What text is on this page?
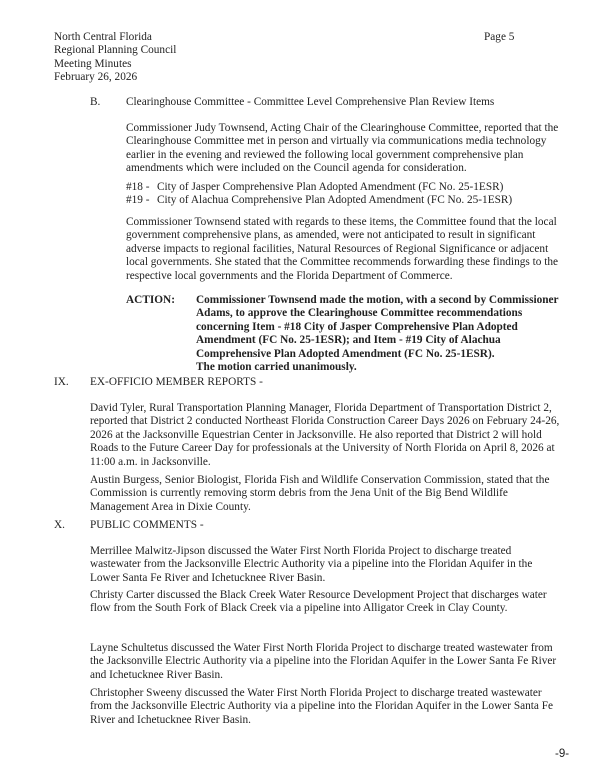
North Central Florida
Regional Planning Council
Meeting Minutes
February 26, 2026
Page 5
B. Clearinghouse Committee - Committee Level Comprehensive Plan Review Items

Commissioner Judy Townsend, Acting Chair of the Clearinghouse Committee, reported that the Clearinghouse Committee met in person and virtually via communications media technology earlier in the evening and reviewed the following local government comprehensive plan amendments which were included on the Council agenda for consideration.

#18 - City of Jasper Comprehensive Plan Adopted Amendment (FC No. 25-1ESR)
#19 - City of Alachua Comprehensive Plan Adopted Amendment (FC No. 25-1ESR)

Commissioner Townsend stated with regards to these items, the Committee found that the local government comprehensive plans, as amended, were not anticipated to result in significant adverse impacts to regional facilities, Natural Resources of Regional Significance or adjacent local governments. She stated that the Committee recommends forwarding these findings to the respective local governments and the Florida Department of Commerce.

ACTION: Commissioner Townsend made the motion, with a second by Commissioner Adams, to approve the Clearinghouse Committee recommendations concerning Item - #18 City of Jasper Comprehensive Plan Adopted Amendment (FC No. 25-1ESR); and Item - #19 City of Alachua Comprehensive Plan Adopted Amendment (FC No. 25-1ESR).

The motion carried unanimously.

IX. EX-OFFICIO MEMBER REPORTS -

David Tyler, Rural Transportation Planning Manager, Florida Department of Transportation District 2, reported that District 2 conducted Northeast Florida Construction Career Days 2026 on February 24-26, 2026 at the Jacksonville Equestrian Center in Jacksonville. He also reported that District 2 will hold Roads to the Future Career Day for professionals at the University of North Florida on April 8, 2026 at 11:00 a.m. in Jacksonville.

Austin Burgess, Senior Biologist, Florida Fish and Wildlife Conservation Commission, stated that the Commission is currently removing storm debris from the Jena Unit of the Big Bend Wildlife Management Area in Dixie County.

X. PUBLIC COMMENTS -

Merrillee Malwitz-Jipson discussed the Water First North Florida Project to discharge treated wastewater from the Jacksonville Electric Authority via a pipeline into the Floridan Aquifer in the Lower Santa Fe River and Ichetucknee River Basin.

Christy Carter discussed the Black Creek Water Resource Development Project that discharges water flow from the South Fork of Black Creek via a pipeline into Alligator Creek in Clay County.

Layne Schultetus discussed the Water First North Florida Project to discharge treated wastewater from the Jacksonville Electric Authority via a pipeline into the Floridan Aquifer in the Lower Santa Fe River and Ichetucknee River Basin.

Christopher Sweeny discussed the Water First North Florida Project to discharge treated wastewater from the Jacksonville Electric Authority via a pipeline into the Floridan Aquifer in the Lower Santa Fe River and Ichetucknee River Basin.

-9-
